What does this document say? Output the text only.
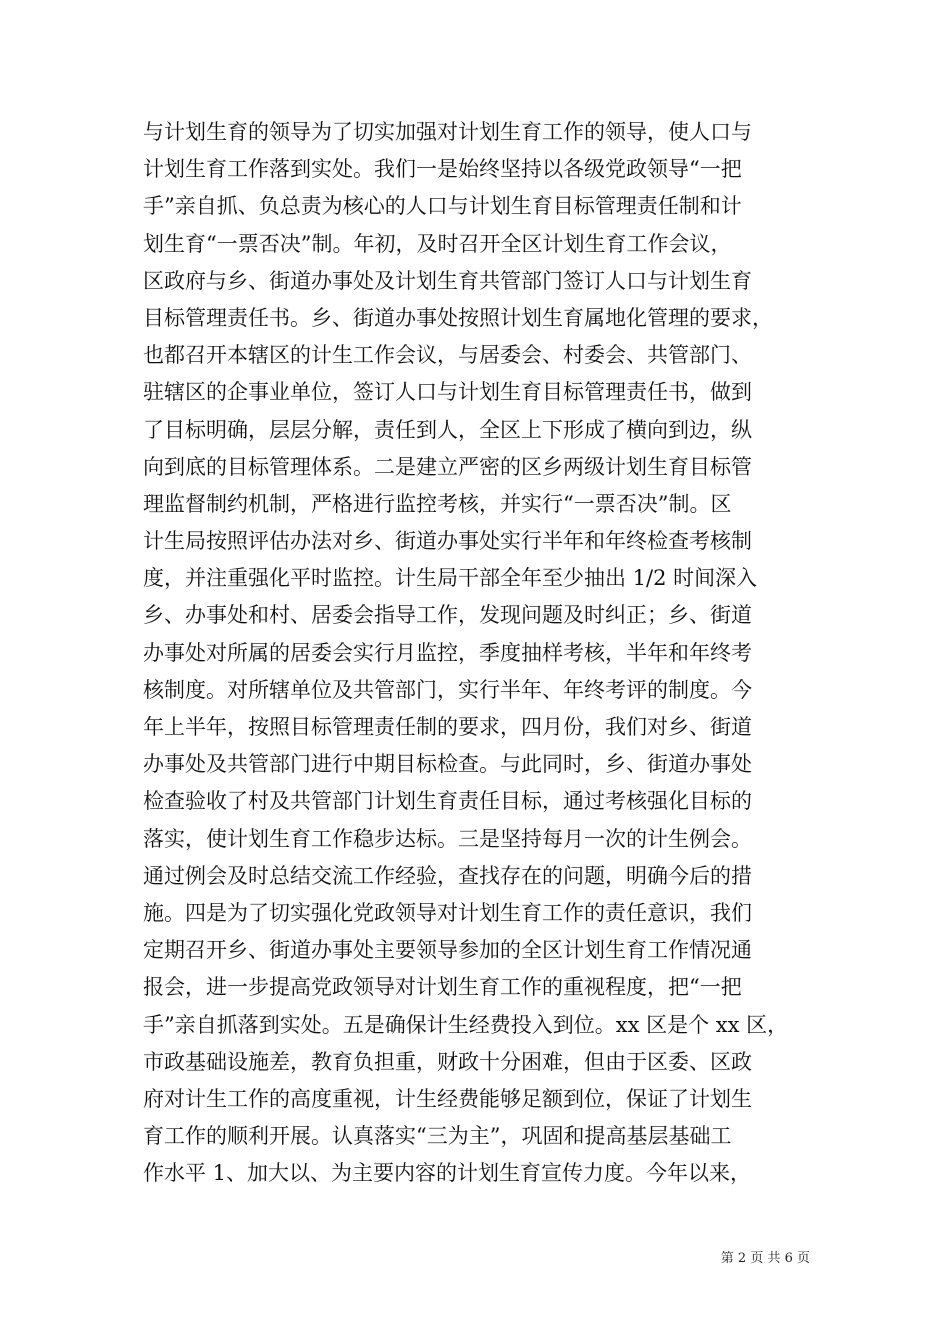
与计划生育的领导为了切实加强对计划生育工作的领导，使人口与
计划生育工作落到实处。我们一是始终坚持以各级党政领导“一把
手”亲自抓、负总责为核心的人口与计划生育目标管理责任制和计
划生育“一票否决”制。年初，及时召开全区计划生育工作会议，
区政府与乡、街道办事处及计划生育共管部门签订人口与计划生育
目标管理责任书。乡、街道办事处按照计划生育属地化管理的要求，
也都召开本辖区的计生工作会议，与居委会、村委会、共管部门、
驻辖区的企事业单位，签订人口与计划生育目标管理责任书，做到
了目标明确，层层分解，责任到人，全区上下形成了横向到边，纵
向到底的目标管理体系。二是建立严密的区乡两级计划生育目标管
理监督制约机制，严格进行监控考核，并实行“一票否决”制。区
计生局按照评估办法对乡、街道办事处实行半年和年终检查考核制
度，并注重强化平时监控。计生局干部全年至少抽出 1/2 时间深入
乡、办事处和村、居委会指导工作，发现问题及时纠正；乡、街道
办事处对所属的居委会实行月监控，季度抽样考核，半年和年终考
核制度。对所辖单位及共管部门，实行半年、年终考评的制度。今
年上半年，按照目标管理责任制的要求，四月份，我们对乡、街道
办事处及共管部门进行中期目标检查。与此同时，乡、街道办事处
检查验收了村及共管部门计划生育责任目标，通过考核强化目标的
落实，使计划生育工作稳步达标。三是坚持每月一次的计生例会。
通过例会及时总结交流工作经验，查找存在的问题，明确今后的措
施。四是为了切实强化党政领导对计划生育工作的责任意识，我们
定期召开乡、街道办事处主要领导参加的全区计划生育工作情况通
报会，进一步提高党政领导对计划生育工作的重视程度，把“一把
手”亲自抓落到实处。五是确保计生经费投入到位。xx 区是个 xx 区，
市政基础设施差，教育负担重，财政十分困难，但由于区委、区政
府对计生工作的高度重视，计生经费能够足额到位，保证了计划生
育工作的顺利开展。认真落实“三为主”，巩固和提高基层基础工
作水平 1、加大以、为主要内容的计划生育宣传力度。今年以来，
第 2 页 共 6 页
